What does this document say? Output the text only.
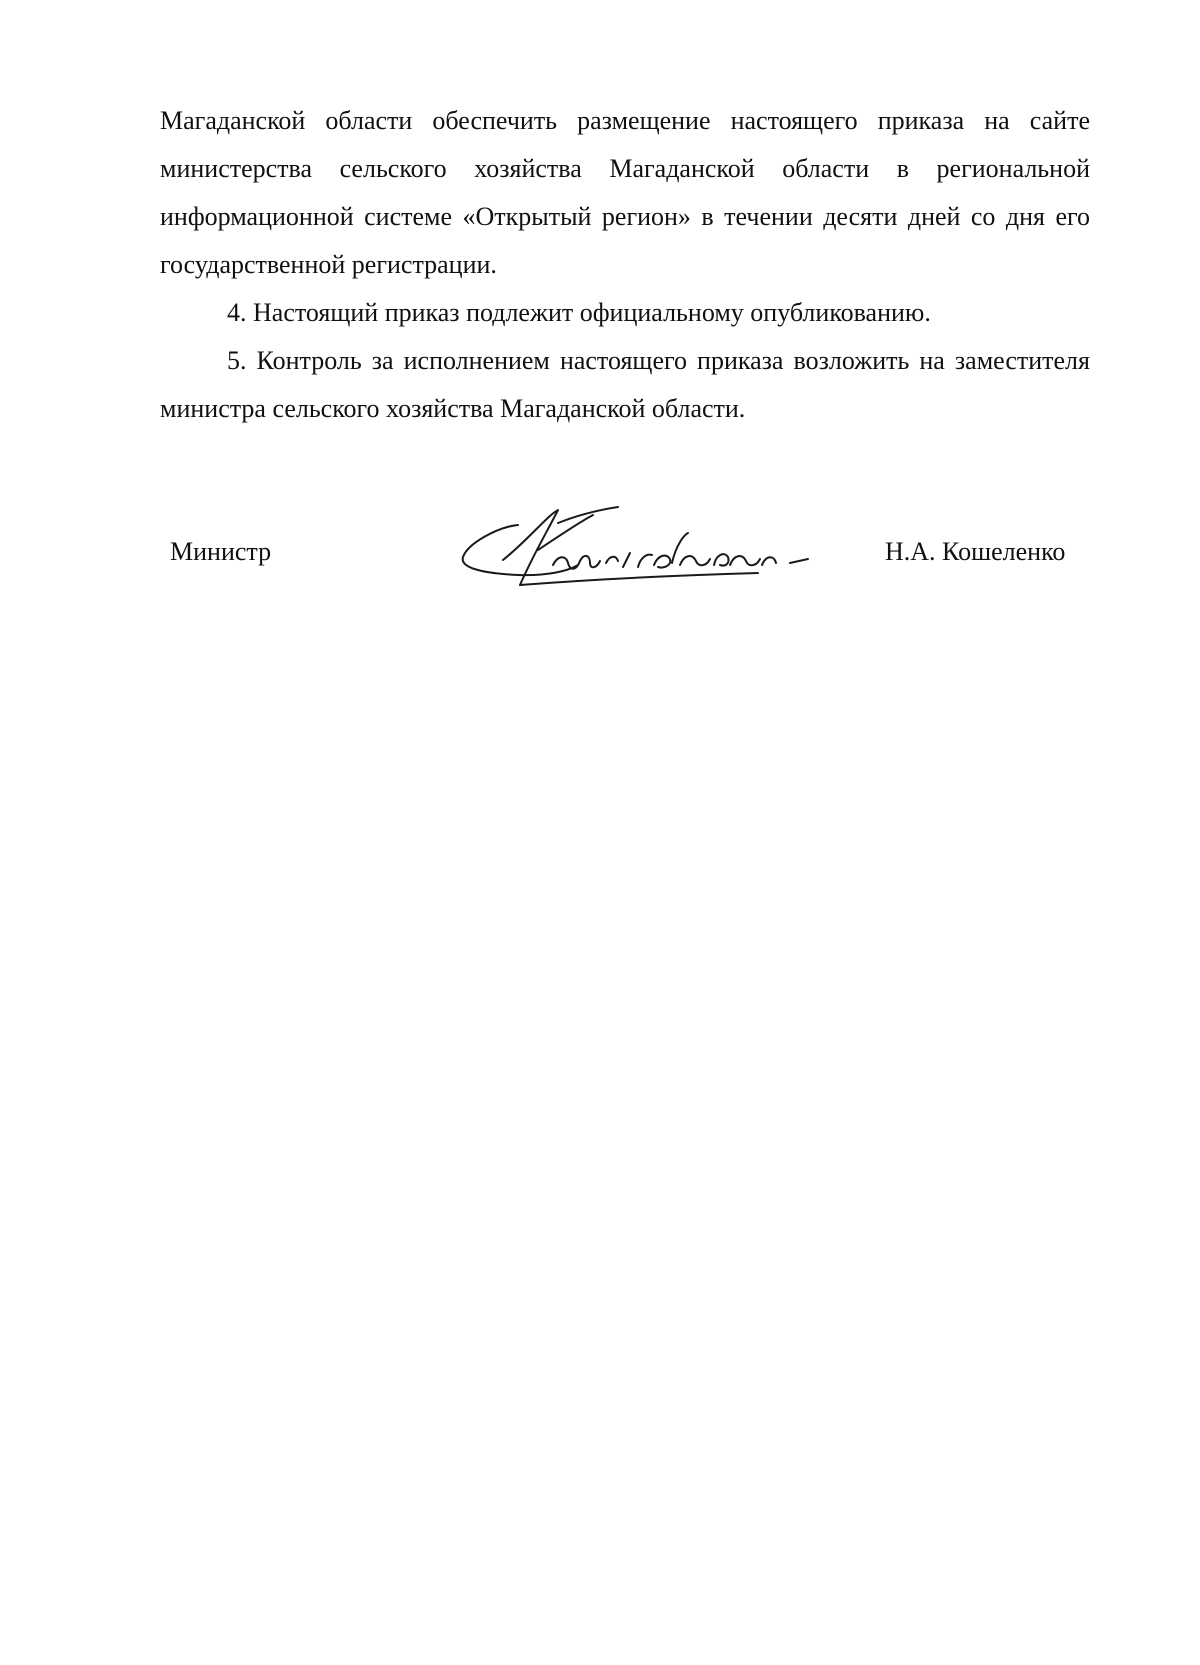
Магаданской области обеспечить размещение настоящего приказа на сайте министерства сельского хозяйства Магаданской области в региональной информационной системе «Открытый регион» в течении десяти дней со дня его государственной регистрации.

4. Настоящий приказ подлежит официальному опубликованию.

5. Контроль за исполнением настоящего приказа возложить на заместителя министра сельского хозяйства Магаданской области.

Министр	Н.А. Кошеленко
